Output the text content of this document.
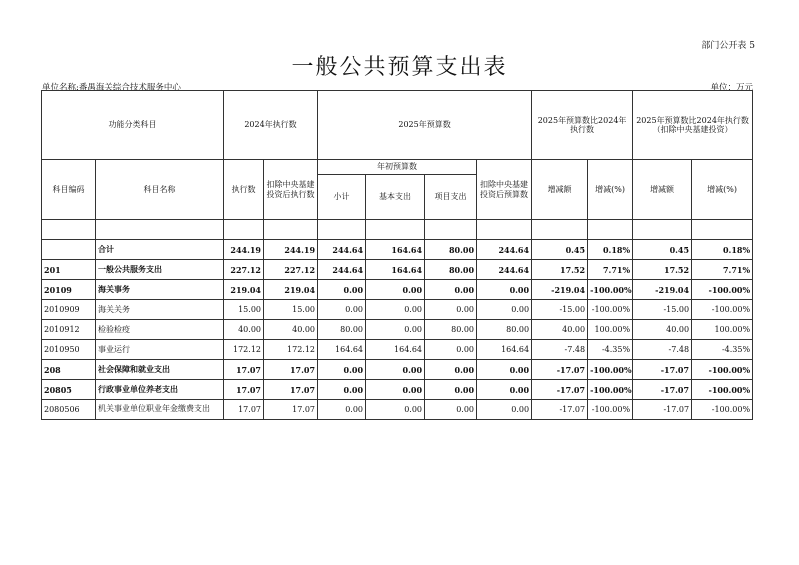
部门公开表 5
一般公共预算支出表
单位名称:番禺海关综合技术服务中心	单位：万元
功能分类科目		2024年执行数		2025年预算数				2025年预算数比2024年执行数		2025年预算数比2024年执行数（扣除中央基建投资）	
科目编码	科目名称	执行数	扣除中央基建投资后执行数	年初预算数			扣除中央基建投资后预算数	增减额	增减(%)	增减额	增减(%)
				小计	基本支出	项目支出					

	合计	244.19	244.19	244.64	164.64	80.00	244.64	0.45	0.18%	0.45	0.18%
201	一般公共服务支出	227.12	227.12	244.64	164.64	80.00	244.64	17.52	7.71%	17.52	7.71%
20109	海关事务	219.04	219.04	0.00	0.00	0.00	0.00	-219.04	-100.00%	-219.04	-100.00%
2010909	海关关务	15.00	15.00	0.00	0.00	0.00	0.00	-15.00	-100.00%	-15.00	-100.00%
2010912	检验检疫	40.00	40.00	80.00	0.00	80.00	80.00	40.00	100.00%	40.00	100.00%
2010950	事业运行	172.12	172.12	164.64	164.64	0.00	164.64	-7.48	-4.35%	-7.48	-4.35%
208	社会保障和就业支出	17.07	17.07	0.00	0.00	0.00	0.00	-17.07	-100.00%	-17.07	-100.00%
20805	行政事业单位养老支出	17.07	17.07	0.00	0.00	0.00	0.00	-17.07	-100.00%	-17.07	-100.00%
2080506	机关事业单位职业年金缴费支出	17.07	17.07	0.00	0.00	0.00	0.00	-17.07	-100.00%	-17.07	-100.00%
